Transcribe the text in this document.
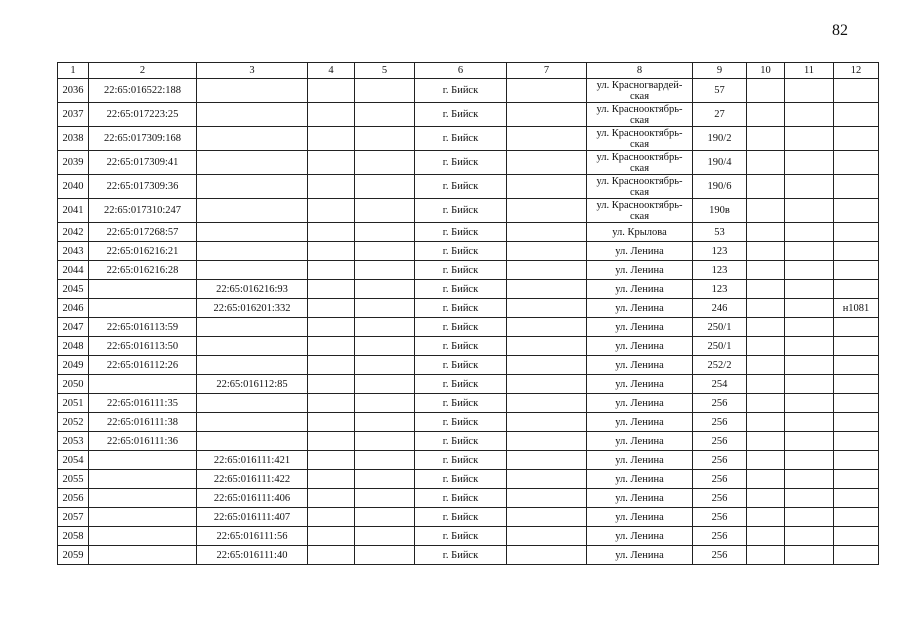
82
1	2	3	4	5	6	7	8	9	10	11	12
2036	22:65:016522:188				г. Бийск		ул. Красногвардей-ская	57			
2037	22:65:017223:25				г. Бийск		ул. Краснооктябрь-ская	27			
2038	22:65:017309:168				г. Бийск		ул. Краснооктябрь-ская	190/2			
2039	22:65:017309:41				г. Бийск		ул. Краснооктябрь-ская	190/4			
2040	22:65:017309:36				г. Бийск		ул. Краснооктябрь-ская	190/6			
2041	22:65:017310:247				г. Бийск		ул. Краснооктябрь-ская	190в			
2042	22:65:017268:57				г. Бийск		ул. Крылова	53			
2043	22:65:016216:21				г. Бийск		ул. Ленина	123			
2044	22:65:016216:28				г. Бийск		ул. Ленина	123			
2045		22:65:016216:93			г. Бийск		ул. Ленина	123			
2046		22:65:016201:332			г. Бийск		ул. Ленина	246			н1081
2047	22:65:016113:59				г. Бийск		ул. Ленина	250/1			
2048	22:65:016113:50				г. Бийск		ул. Ленина	250/1			
2049	22:65:016112:26				г. Бийск		ул. Ленина	252/2			
2050		22:65:016112:85			г. Бийск		ул. Ленина	254			
2051	22:65:016111:35				г. Бийск		ул. Ленина	256			
2052	22:65:016111:38				г. Бийск		ул. Ленина	256			
2053	22:65:016111:36				г. Бийск		ул. Ленина	256			
2054		22:65:016111:421			г. Бийск		ул. Ленина	256			
2055		22:65:016111:422			г. Бийск		ул. Ленина	256			
2056		22:65:016111:406			г. Бийск		ул. Ленина	256			
2057		22:65:016111:407			г. Бийск		ул. Ленина	256			
2058		22:65:016111:56			г. Бийск		ул. Ленина	256			
2059		22:65:016111:40			г. Бийск		ул. Ленина	256			
